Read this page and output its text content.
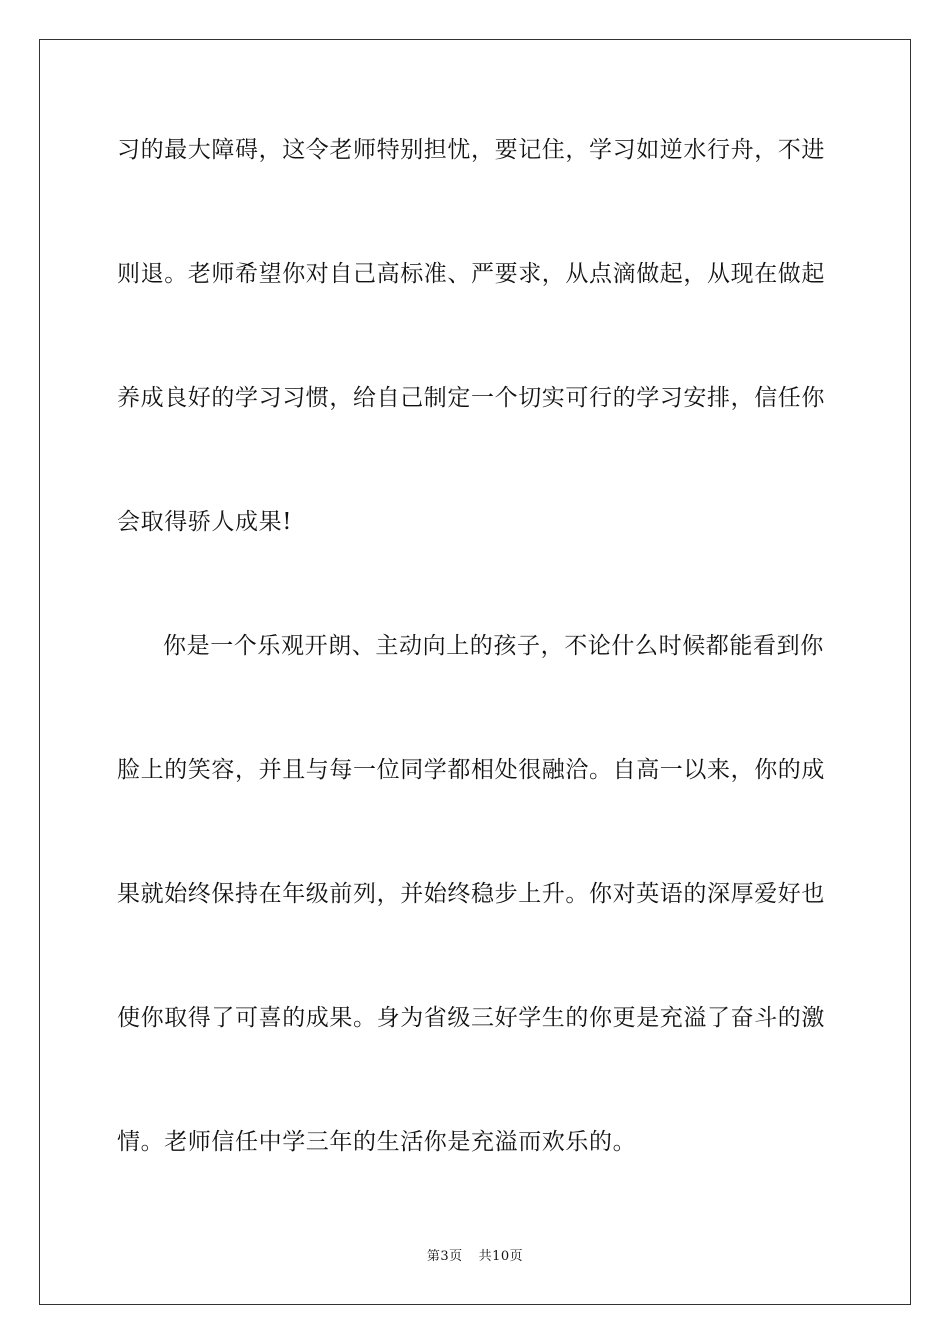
习的最大障碍，这令老师特别担忧，要记住，学习如逆水行舟，不进
则退。老师希望你对自己高标准、严要求，从点滴做起，从现在做起
养成良好的学习习惯，给自己制定一个切实可行的学习安排，信任你
会取得骄人成果!
你是一个乐观开朗、主动向上的孩子，不论什么时候都能看到你
脸上的笑容，并且与每一位同学都相处很融洽。自高一以来，你的成
果就始终保持在年级前列，并始终稳步上升。你对英语的深厚爱好也
使你取得了可喜的成果。身为省级三好学生的你更是充溢了奋斗的激
情。老师信任中学三年的生活你是充溢而欢乐的。
第3页 共10页
